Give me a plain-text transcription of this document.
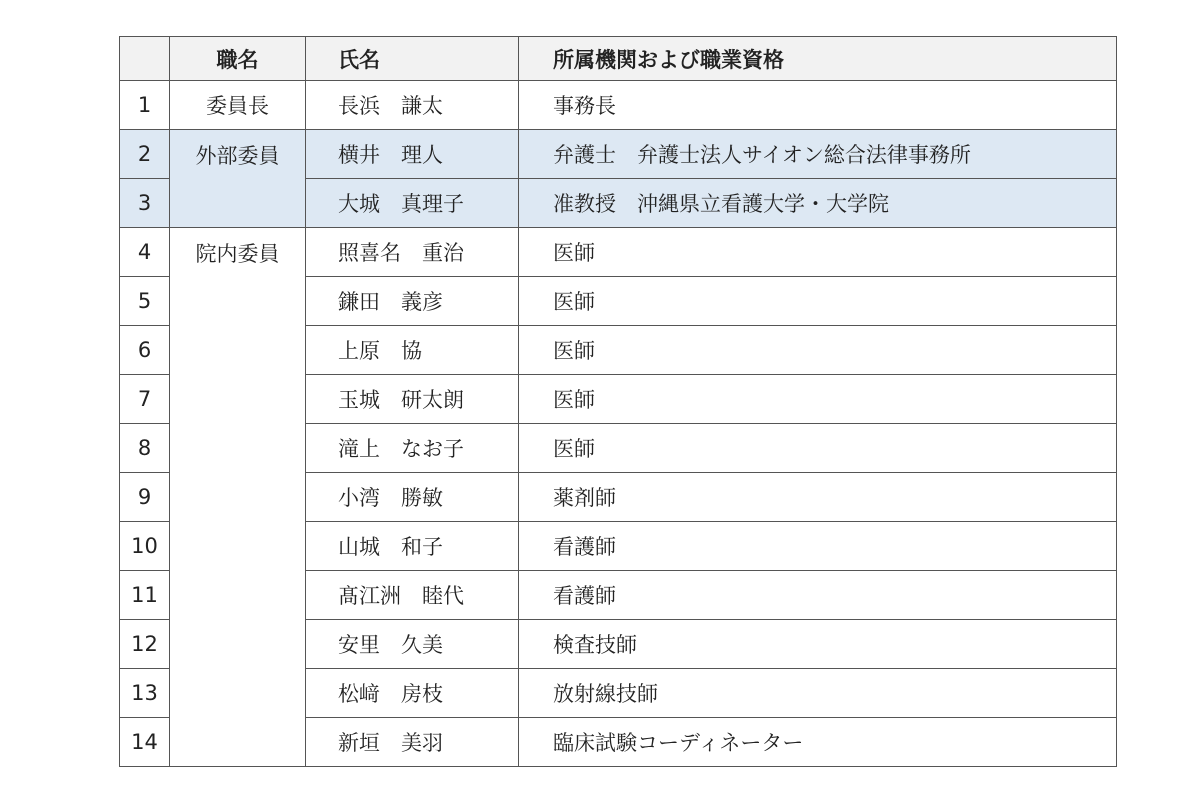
	職名	氏名	所属機関および職業資格
1	委員長	長浜　謙太	事務長
2	外部委員	横井　理人	弁護士　弁護士法人サイオン総合法律事務所
3		大城　真理子	准教授　沖縄県立看護大学・大学院
4	院内委員	照喜名　重治	医師
5		鎌田　義彦	医師
6		上原　協	医師
7		玉城　研太朗	医師
8		滝上　なお子	医師
9		小湾　勝敏	薬剤師
10		山城　和子	看護師
11		髙江洲　睦代	看護師
12		安里　久美	検査技師
13		松﨑　房枝	放射線技師
14		新垣　美羽	臨床試験コーディネーター
